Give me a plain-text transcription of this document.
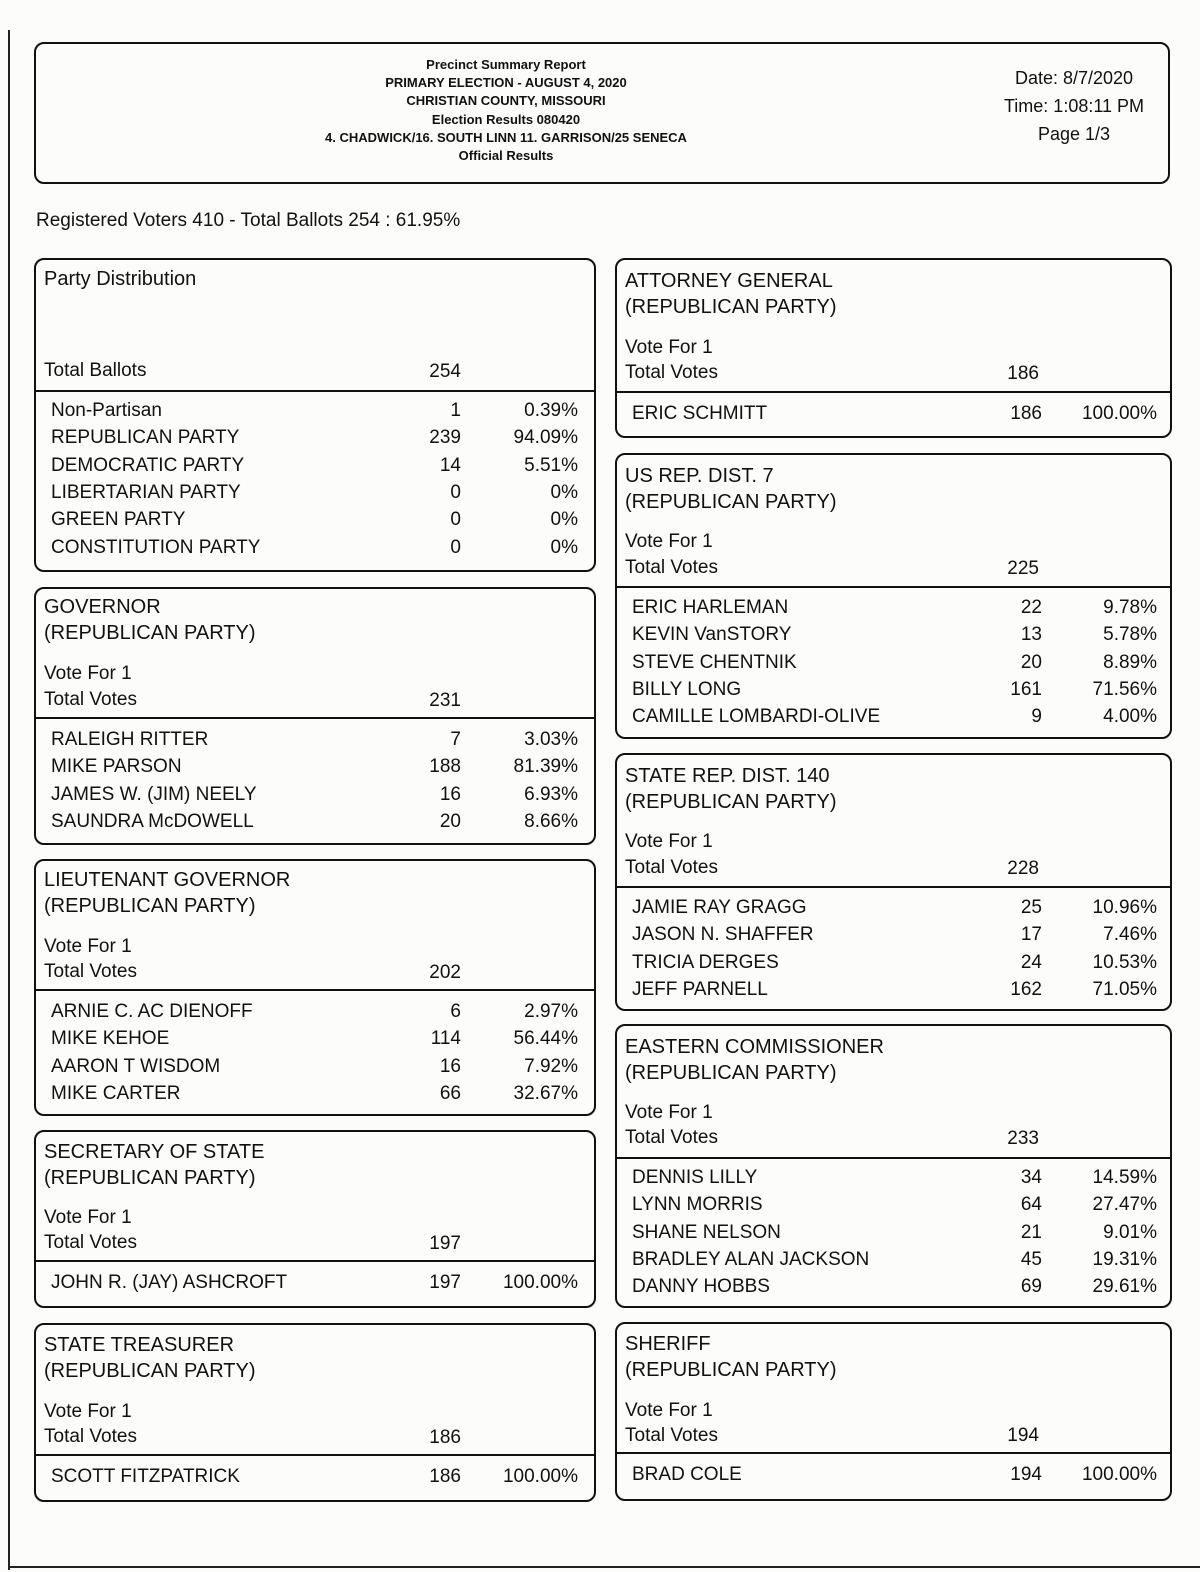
Precinct Summary Report
PRIMARY ELECTION - AUGUST 4, 2020
CHRISTIAN COUNTY, MISSOURI
Election Results 080420
4. CHADWICK/16. SOUTH LINN 11. GARRISON/25 SENECA
Official Results
Date: 8/7/2020
Time: 1:08:11 PM
Page 1/3
Registered Voters 410 - Total Ballots 254 : 61.95%
Party Distribution
Total Ballots	254
Non-Partisan	1	0.39%
REPUBLICAN PARTY	239	94.09%
DEMOCRATIC PARTY	14	5.51%
LIBERTARIAN PARTY	0	0%
GREEN PARTY	0	0%
CONSTITUTION PARTY	0	0%
GOVERNOR
(REPUBLICAN PARTY)
Vote For 1
Total Votes	231
RALEIGH RITTER	7	3.03%
MIKE PARSON	188	81.39%
JAMES W. (JIM) NEELY	16	6.93%
SAUNDRA McDOWELL	20	8.66%
LIEUTENANT GOVERNOR
(REPUBLICAN PARTY)
Vote For 1
Total Votes	202
ARNIE C. AC DIENOFF	6	2.97%
MIKE KEHOE	114	56.44%
AARON T WISDOM	16	7.92%
MIKE CARTER	66	32.67%
SECRETARY OF STATE
(REPUBLICAN PARTY)
Vote For 1
Total Votes	197
JOHN R. (JAY) ASHCROFT	197	100.00%
STATE TREASURER
(REPUBLICAN PARTY)
Vote For 1
Total Votes	186
SCOTT FITZPATRICK	186	100.00%
ATTORNEY GENERAL
(REPUBLICAN PARTY)
Vote For 1
Total Votes	186
ERIC SCHMITT	186	100.00%
US REP. DIST. 7
(REPUBLICAN PARTY)
Vote For 1
Total Votes	225
ERIC HARLEMAN	22	9.78%
KEVIN VanSTORY	13	5.78%
STEVE CHENTNIK	20	8.89%
BILLY LONG	161	71.56%
CAMILLE LOMBARDI-OLIVE	9	4.00%
STATE REP. DIST. 140
(REPUBLICAN PARTY)
Vote For 1
Total Votes	228
JAMIE RAY GRAGG	25	10.96%
JASON N. SHAFFER	17	7.46%
TRICIA DERGES	24	10.53%
JEFF PARNELL	162	71.05%
EASTERN COMMISSIONER
(REPUBLICAN PARTY)
Vote For 1
Total Votes	233
DENNIS LILLY	34	14.59%
LYNN MORRIS	64	27.47%
SHANE NELSON	21	9.01%
BRADLEY ALAN JACKSON	45	19.31%
DANNY HOBBS	69	29.61%
SHERIFF
(REPUBLICAN PARTY)
Vote For 1
Total Votes	194
BRAD COLE	194	100.00%
